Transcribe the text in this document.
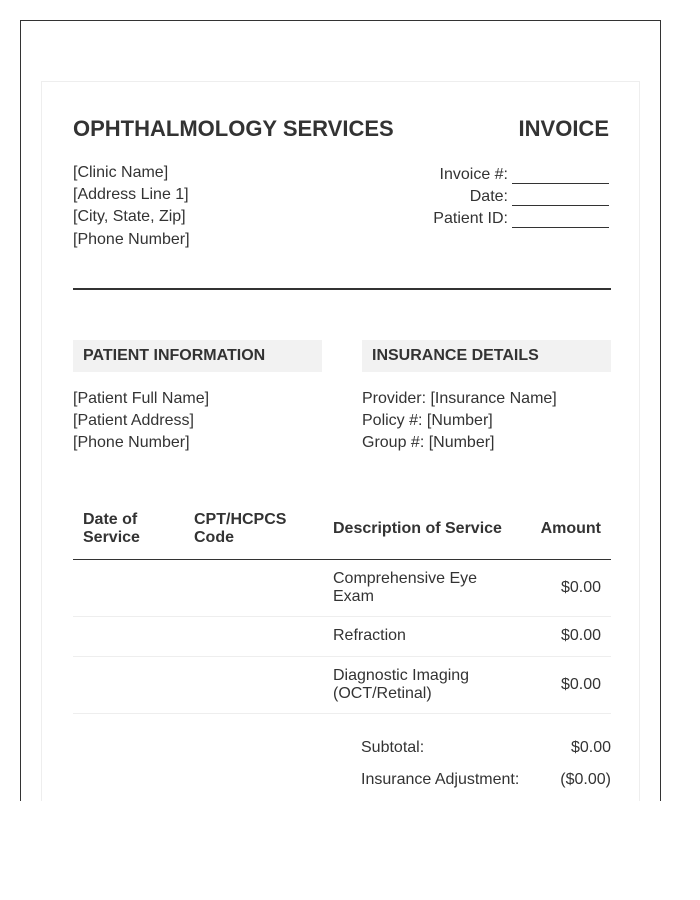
OPHTHALMOLOGY SERVICES	INVOICE
[Clinic Name]
[Address Line 1]
[City, State, Zip]
[Phone Number]
Invoice #:
Date:
Patient ID:
PATIENT INFORMATION
[Patient Full Name]
[Patient Address]
[Phone Number]
INSURANCE DETAILS
Provider: [Insurance Name]
Policy #: [Number]
Group #: [Number]
Date of Service	CPT/HCPCS Code	Description of Service	Amount
		Comprehensive Eye Exam	$0.00
		Refraction	$0.00
		Diagnostic Imaging (OCT/Retinal)	$0.00
Subtotal:	$0.00
Insurance Adjustment:	($0.00)
